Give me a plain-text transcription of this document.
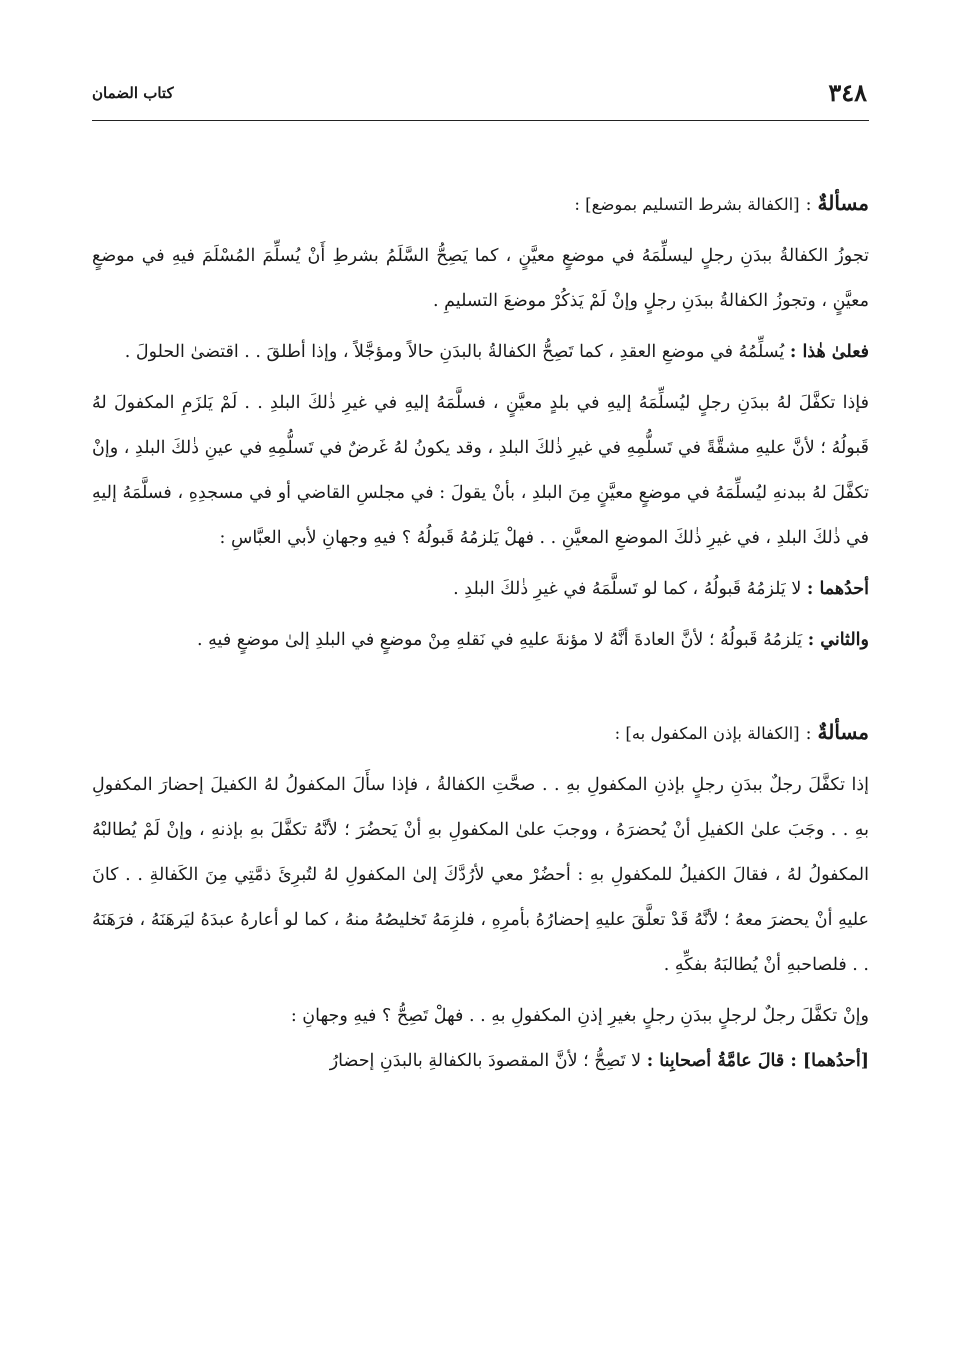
٣٤٨
كتاب الضمان

مسألةٌ:[الكفالة بشرط التسليم بموضع] :

تجوزُ الكفالةُ ببدَنِ رجلٍ ليسلِّمَهُ في موضعٍ معيَّنٍ ، كما يَصِحُّ السَّلَمُ بشرطِ أَنْ يُسلِّمَ المُسْلَمَ فيهِ في موضعٍ معيَّنٍ ، وتجوزُ الكفالةُ ببدَنِ رجلٍ وإنْ لَمْ يَذكُرْ موضعَ التسليمِ .

فعلىٰ هٰذا : يُسلِّمُهُ في موضعِ العقدِ ، كما تَصِحُّ الكفالةُ بالبدَنِ حالاً ومؤجَّلاً ، وإذا أطلقَ . . اقتضىٰ الحلولَ .

فإذا تكفَّلَ لهُ ببدَنِ رجلٍ ليُسلِّمَهُ إليهِ في بلدٍ معيَّنٍ ، فسلَّمَهُ إليهِ في غيرِ ذٰلكَ البلدِ . . لَمْ يَلزَمِ المكفولَ لهُ قَبولُهُ ؛ لأنَّ عليهِ مشقَّةً في تَسلُّمِهِ في غيرِ ذٰلكَ البلدِ ، وقد يكونُ لهُ غَرضٌ في تَسلُّمِهِ في عينِ ذٰلكَ البلدِ ، وإنْ تكفَّلَ لهُ ببدنهِ ليُسلِّمَهُ في موضعٍ معيَّنٍ مِنَ البلدِ ، بأنْ يقولَ : في مجلسِ القاضي أو في مسجدِهِ ، فسلَّمَهُ إليهِ في ذٰلكَ البلدِ ، في غيرِ ذٰلكَ الموضعِ المعيَّنِ . . فهلْ يَلزمُهُ قَبولُهُ ؟ فيهِ وجهانِ لأبي العبَّاسِ :

أحدُهما : لا يَلزمُهُ قَبولُهُ ، كما لو تَسلَّمَهُ في غيرِ ذٰلكَ البلدِ .

والثاني : يَلزمُهُ قَبولُهُ ؛ لأنَّ العادةَ أنَّهُ لا مؤنةَ عليهِ في نَقلهِ مِنْ موضعٍ في البلدِ إلىٰ موضعٍ فيهِ .

مسألةٌ:[الكفالة بإذن المكفول به] :

إذا تكفَّلَ رجلٌ ببدَنِ رجلٍ بإذنِ المكفولِ بهِ . . صحَّتِ الكفالةُ ، فإذا سأَلَ المكفولُ لهُ الكفيلَ إحضارَ المكفولِ بهِ . . وجَبَ علىٰ الكفيلِ أنْ يُحضرَهُ ، ووجبَ علىٰ المكفولِ بهِ أنْ يَحضُرَ ؛ لأنَّهُ تكفَّلَ بهِ بإذنهِ ، وإنْ لَمْ يُطالبْهُ المكفولُ لهُ ، فقالَ الكفيلُ للمكفولِ بهِ : أحضُرْ معي لأرُدَّكَ إلىٰ المكفولِ لهُ لتُبرِئَ ذمَّتِي مِنَ الكَفالةِ . . كانَ عليهِ أنْ يحضرَ معهُ ؛ لأنَّهُ قَدْ تعلَّقَ عليهِ إحضارُهُ بأمرِهِ ، فلزِمَهُ تَخليصُهُ منهُ ، كما لو أعارهُ عبدَهُ ليَرهَنَهُ ، فرَهَنَهُ . . فلصاحبهِ أنْ يُطالبَهُ بفكِّهِ .

وإنْ تكفَّلَ رجلٌ لرجلٍ ببدَنِ رجلٍ بغيرِ إذنِ المكفولِ بهِ . . فهلْ تَصِحُّ ؟ فيهِ وجهانِ :

[أحدُهما] : قالَ عامَّةُ أصحابِنا : لا تَصِحُّ ؛ لأنَّ المقصودَ بالكفالةِ بالبدَنِ إحضارُ
